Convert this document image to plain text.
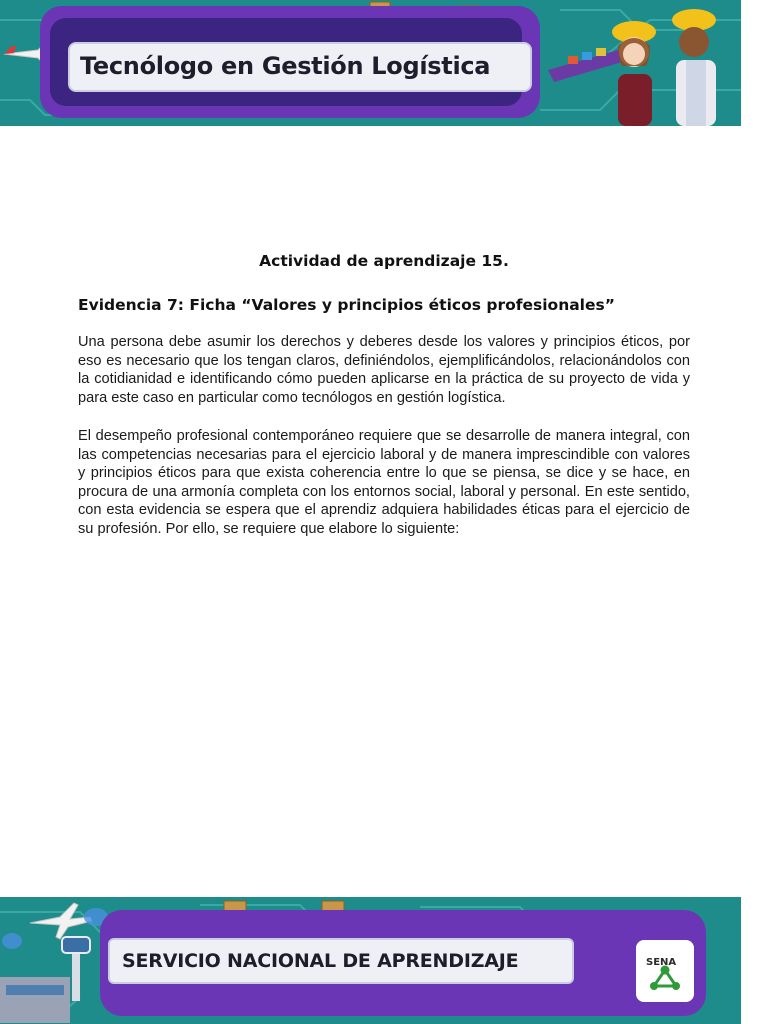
Tecnólogo en Gestión Logística
Actividad de aprendizaje 15.
Evidencia 7: Ficha “Valores y principios éticos profesionales”

Una persona debe asumir los derechos y deberes desde los valores y principios éticos, por eso es necesario que los tengan claros, definiéndolos, ejemplificándolos, relacionándolos con la cotidianidad e identificando cómo pueden aplicarse en la práctica de su proyecto de vida y para este caso en particular como tecnólogos en gestión logística.

El desempeño profesional contemporáneo requiere que se desarrolle de manera integral, con las competencias necesarias para el ejercicio laboral y de manera imprescindible con valores y principios éticos para que exista coherencia entre lo que se piensa, se dice y se hace, en procura de una armonía completa con los entornos social, laboral y personal. En este sentido, con esta evidencia se espera que el aprendiz adquiera habilidades éticas para el ejercicio de su profesión. Por ello, se requiere que elabore lo siguiente:

SERVICIO NACIONAL DE APRENDIZAJE	SENA
